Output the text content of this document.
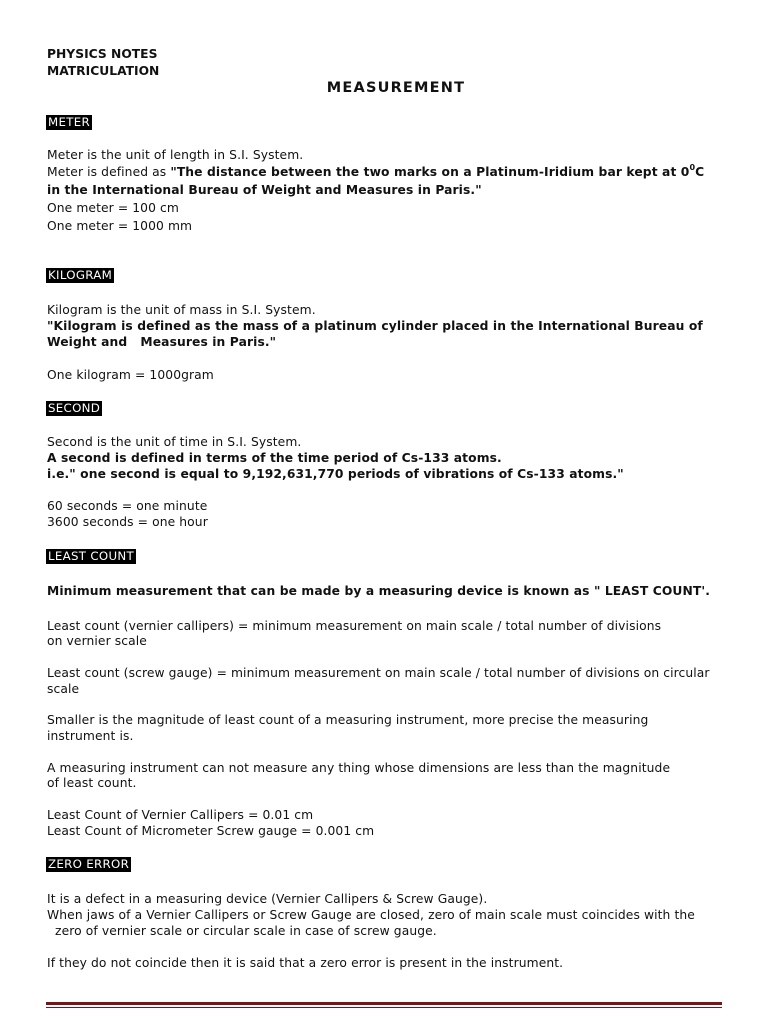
PHYSICS NOTES
MATRICULATION
MEASUREMENT
METER
Meter is the unit of length in S.I. System.
Meter is defined as "The distance between the two marks on a Platinum-Iridium bar kept at $0^0C$
in the International Bureau of Weight and Measures in Paris."
One meter = 100 cm
One meter = 1000 mm
KILOGRAM
Kilogram is the unit of mass in S.I. System.
"Kilogram is defined as the mass of a platinum cylinder placed in the International Bureau of
Weight and   Measures in Paris."
One kilogram = 1000gram
SECOND
Second is the unit of time in S.I. System.
A second is defined in terms of the time period of Cs-133 atoms.
i.e." one second is equal to 9,192,631,770 periods of vibrations of Cs-133 atoms."
60 seconds = one minute
3600 seconds = one hour
LEAST COUNT
Minimum measurement that can be made by a measuring device is known as " LEAST COUNT'.
Least count (vernier callipers) = minimum measurement on main scale / total number of divisions
on vernier scale
Least count (screw gauge) = minimum measurement on main scale / total number of divisions on circular
scale
Smaller is the magnitude of least count of a measuring instrument, more precise the measuring
instrument is.
A measuring instrument can not measure any thing whose dimensions are less than the magnitude
of least count.
Least Count of Vernier Callipers = 0.01 cm
Least Count of Micrometer Screw gauge = 0.001 cm
ZERO ERROR
It is a defect in a measuring device (Vernier Callipers & Screw Gauge).
When jaws of a Vernier Callipers or Screw Gauge are closed, zero of main scale must coincides with the
zero of vernier scale or circular scale in case of screw gauge.
If they do not coincide then it is said that a zero error is present in the instrument.
